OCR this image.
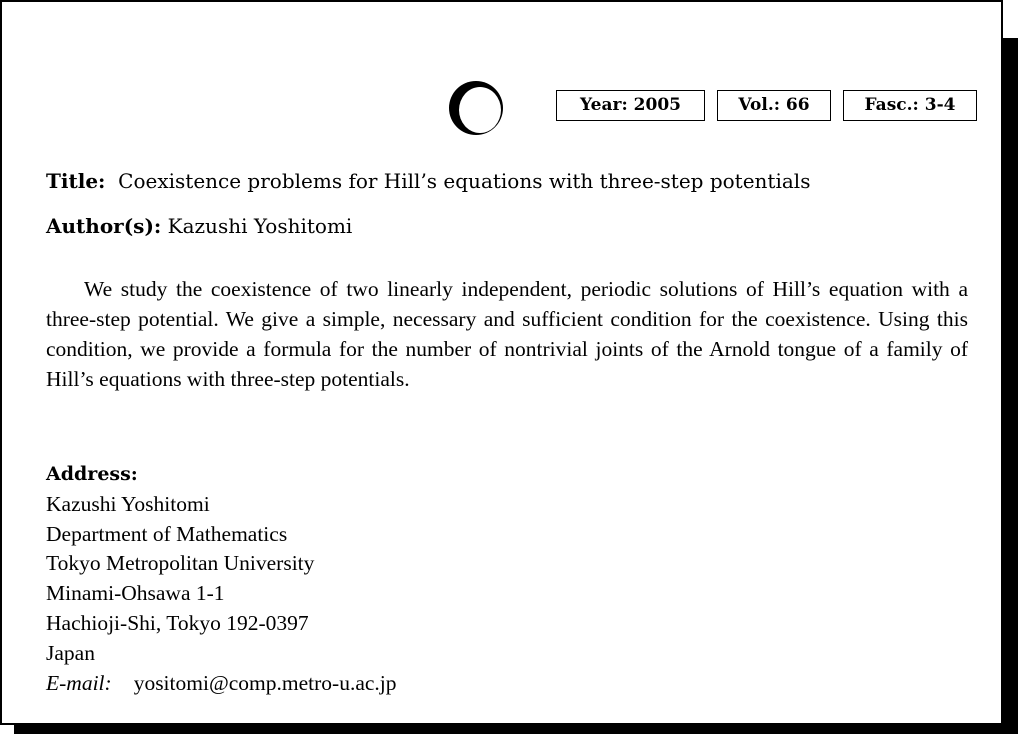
Year: 2005	Vol.: 66	Fasc.: 3-4
Title: Coexistence problems for Hill’s equations with three-step potentials
Author(s): Kazushi Yoshitomi
We study the coexistence of two linearly independent, periodic solutions of Hill’s equation with a three-step potential. We give a simple, necessary and sufficient condition for the coexistence. Using this condition, we provide a formula for the number of nontrivial joints of the Arnold tongue of a family of Hill’s equations with three-step potentials.
Address:
Kazushi Yoshitomi
Department of Mathematics
Tokyo Metropolitan University
Minami-Ohsawa 1-1
Hachioji-Shi, Tokyo 192-0397
Japan
E-mail: yositomi@comp.metro-u.ac.jp
